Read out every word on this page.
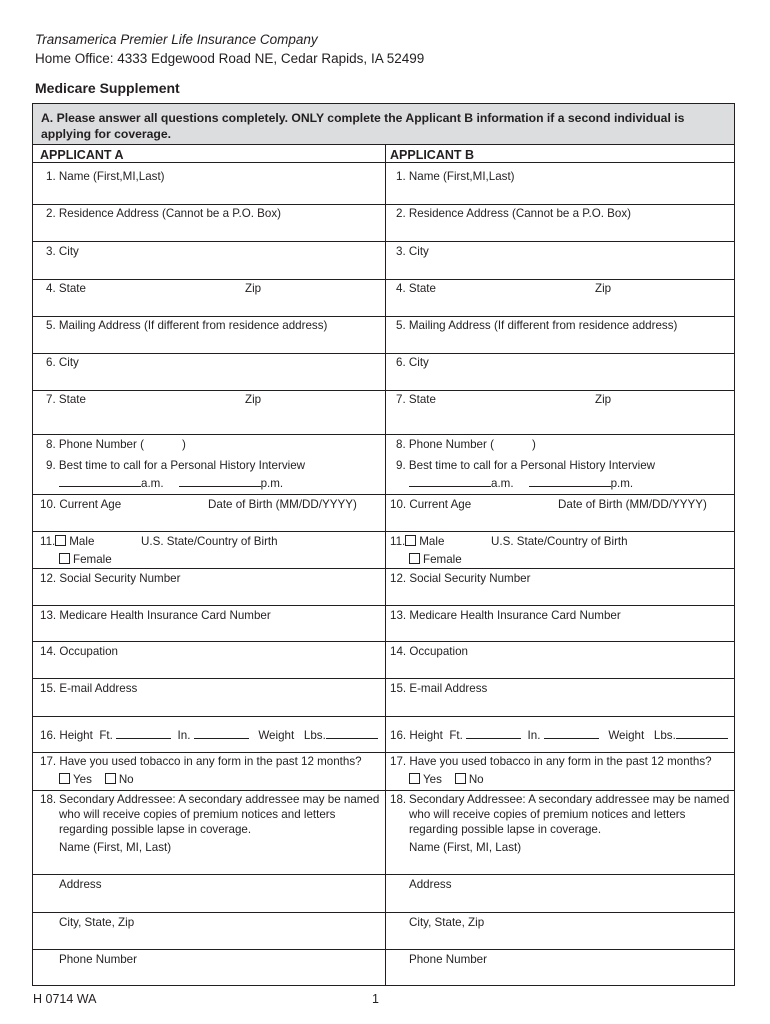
Transamerica Premier Life Insurance Company
Home Office: 4333 Edgewood Road NE, Cedar Rapids, IA 52499
Medicare Supplement
A. Please answer all questions completely. ONLY complete the Applicant B information if a second individual is applying for coverage.
APPLICANT A
1. Name (First,MI,Last)
2. Residence Address (Cannot be a P.O. Box)
3. City
4. State	Zip
5. Mailing Address (If different from residence address)
6. City
7. State	Zip
8. Phone Number (	)
9. Best time to call for a Personal History Interview
a.m.	p.m.
10. Current Age	Date of Birth (MM/DD/YYYY)
11. Male
Female
U.S. State/Country of Birth
12. Social Security Number
13. Medicare Health Insurance Card Number
14. Occupation
15. E-mail Address
16. Height Ft.	In.	Weight Lbs.
17. Have you used tobacco in any form in the past 12 months?
Yes No
18. Secondary Addressee: A secondary addressee may be named who will receive copies of premium notices and letters regarding possible lapse in coverage.
Name (First, MI, Last)
Address
City, State, Zip
Phone Number
APPLICANT B
1. Name (First,MI,Last)
2. Residence Address (Cannot be a P.O. Box)
3. City
4. State	Zip
5. Mailing Address (If different from residence address)
6. City
7. State	Zip
8. Phone Number (	)
9. Best time to call for a Personal History Interview
a.m.	p.m.
10. Current Age	Date of Birth (MM/DD/YYYY)
11. Male
Female
U.S. State/Country of Birth
12. Social Security Number
13. Medicare Health Insurance Card Number
14. Occupation
15. E-mail Address
16. Height Ft.	In.	Weight Lbs.
17. Have you used tobacco in any form in the past 12 months?
Yes No
18. Secondary Addressee: A secondary addressee may be named who will receive copies of premium notices and letters regarding possible lapse in coverage.
Name (First, MI, Last)
Address
City, State, Zip
Phone Number
H 0714 WA	1
